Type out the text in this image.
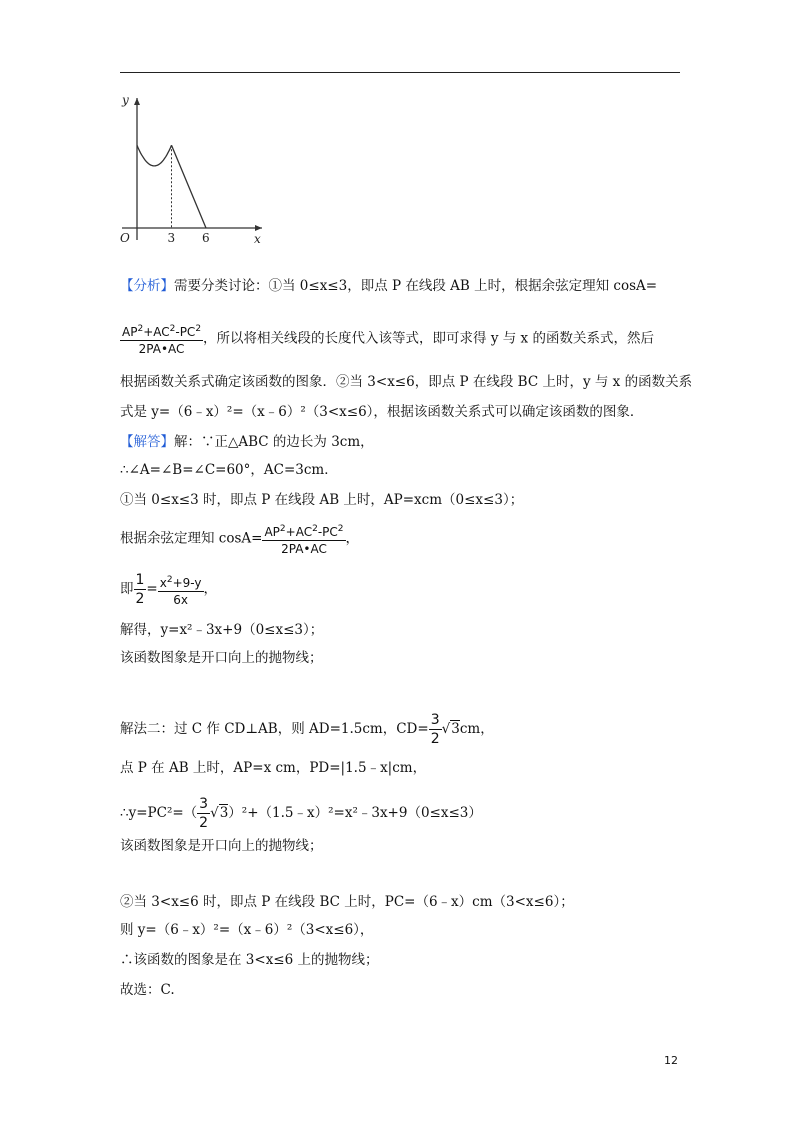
y
x
O	3 6
【分析】需要分类讨论：①当 0≤x≤3，即点 P 在线段 AB 上时，根据余弦定理知 cosA=
$\frac{AP^2+AC^2-PC^2}{2PA•AC}$ ，所以将相关线段的长度代入该等式，即可求得 y 与 x 的函数关系式，然后
根据函数关系式确定该函数的图象．②当 3<x≤6，即点 P 在线段 BC 上时，y 与 x 的函数关系
式是 y=（6﹣x）²=（x﹣6）²（3<x≤6），根据该函数关系式可以确定该函数的图象．
【解答】解：∵正△ABC 的边长为 3cm，
∴∠A=∠B=∠C=60°，AC=3cm．
①当 0≤x≤3 时，即点 P 在线段 AB 上时，AP=xcm（0≤x≤3）；
根据余弦定理知 $\cos A= \frac{AP^2+AC^2-PC^2}{2PA•AC}$ ，
即 $\frac{1}{2} = \frac{x^2+9-y}{6x}$ ，
解得，y=x²﹣3x+9（0≤x≤3）；
该函数图象是开口向上的抛物线；
解法二：过 C 作 CD⊥AB，则 AD=1.5cm，$CD= \frac{3}{2} √3cm$，
点 P 在 AB 上时，AP=x cm，PD=|1.5﹣x|cm，
∴y=PC²=（ $\frac{3}{2}$ √3）²+（1.5﹣x）²=x²﹣3x+9（0≤x≤3）
该函数图象是开口向上的抛物线；
②当 3<x≤6 时，即点 P 在线段 BC 上时，PC=（6﹣x）cm（3<x≤6）；
则 y=（6﹣x）²=（x﹣6）²（3<x≤6），
∴该函数的图象是在 3<x≤6 上的抛物线；
故选：C.
12
